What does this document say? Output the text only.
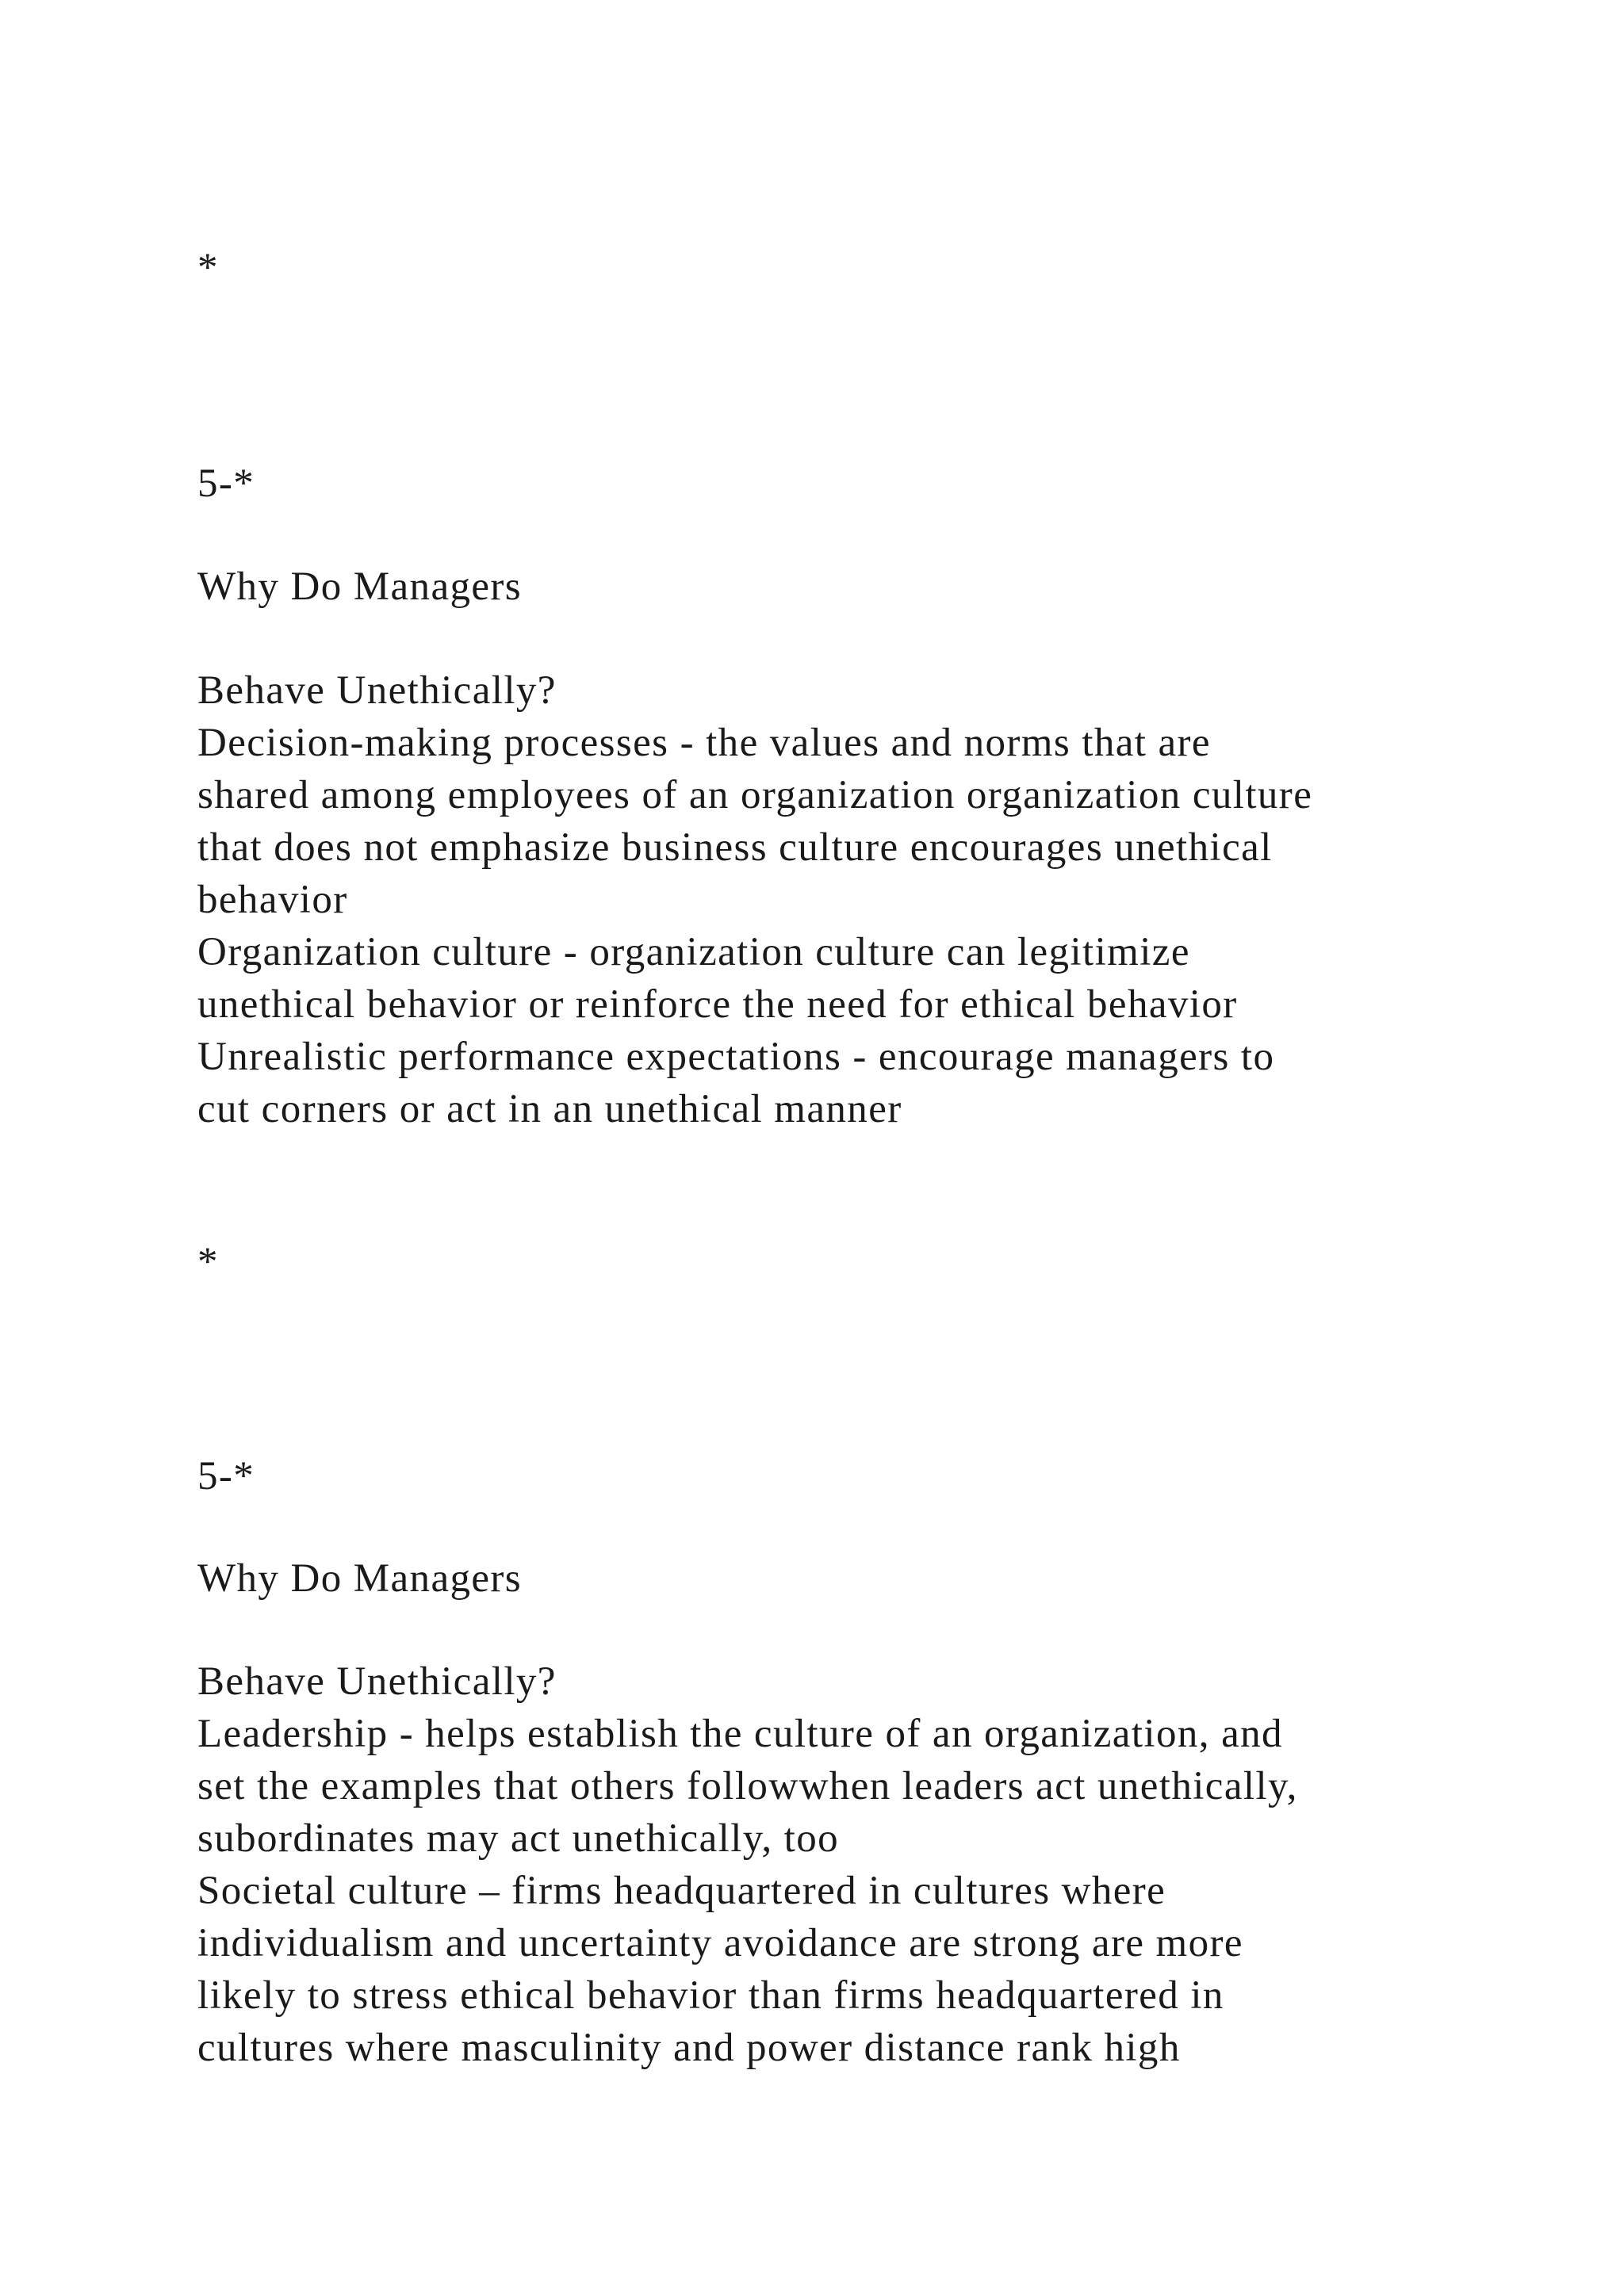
*

5-*

Why Do Managers

Behave Unethically?

Decision-making processes - the values and norms that are

shared among employees of an organization organization culture

that does not emphasize business culture encourages unethical

behavior

Organization culture - organization culture can legitimize

unethical behavior or reinforce the need for ethical behavior

Unrealistic performance expectations - encourage managers to

cut corners or act in an unethical manner

*

5-*

Why Do Managers

Behave Unethically?

Leadership - helps establish the culture of an organization, and

set the examples that others followwhen leaders act unethically,

subordinates may act unethically, too

Societal culture – firms headquartered in cultures where

individualism and uncertainty avoidance are strong are more

likely to stress ethical behavior than firms headquartered in

cultures where masculinity and power distance rank high
